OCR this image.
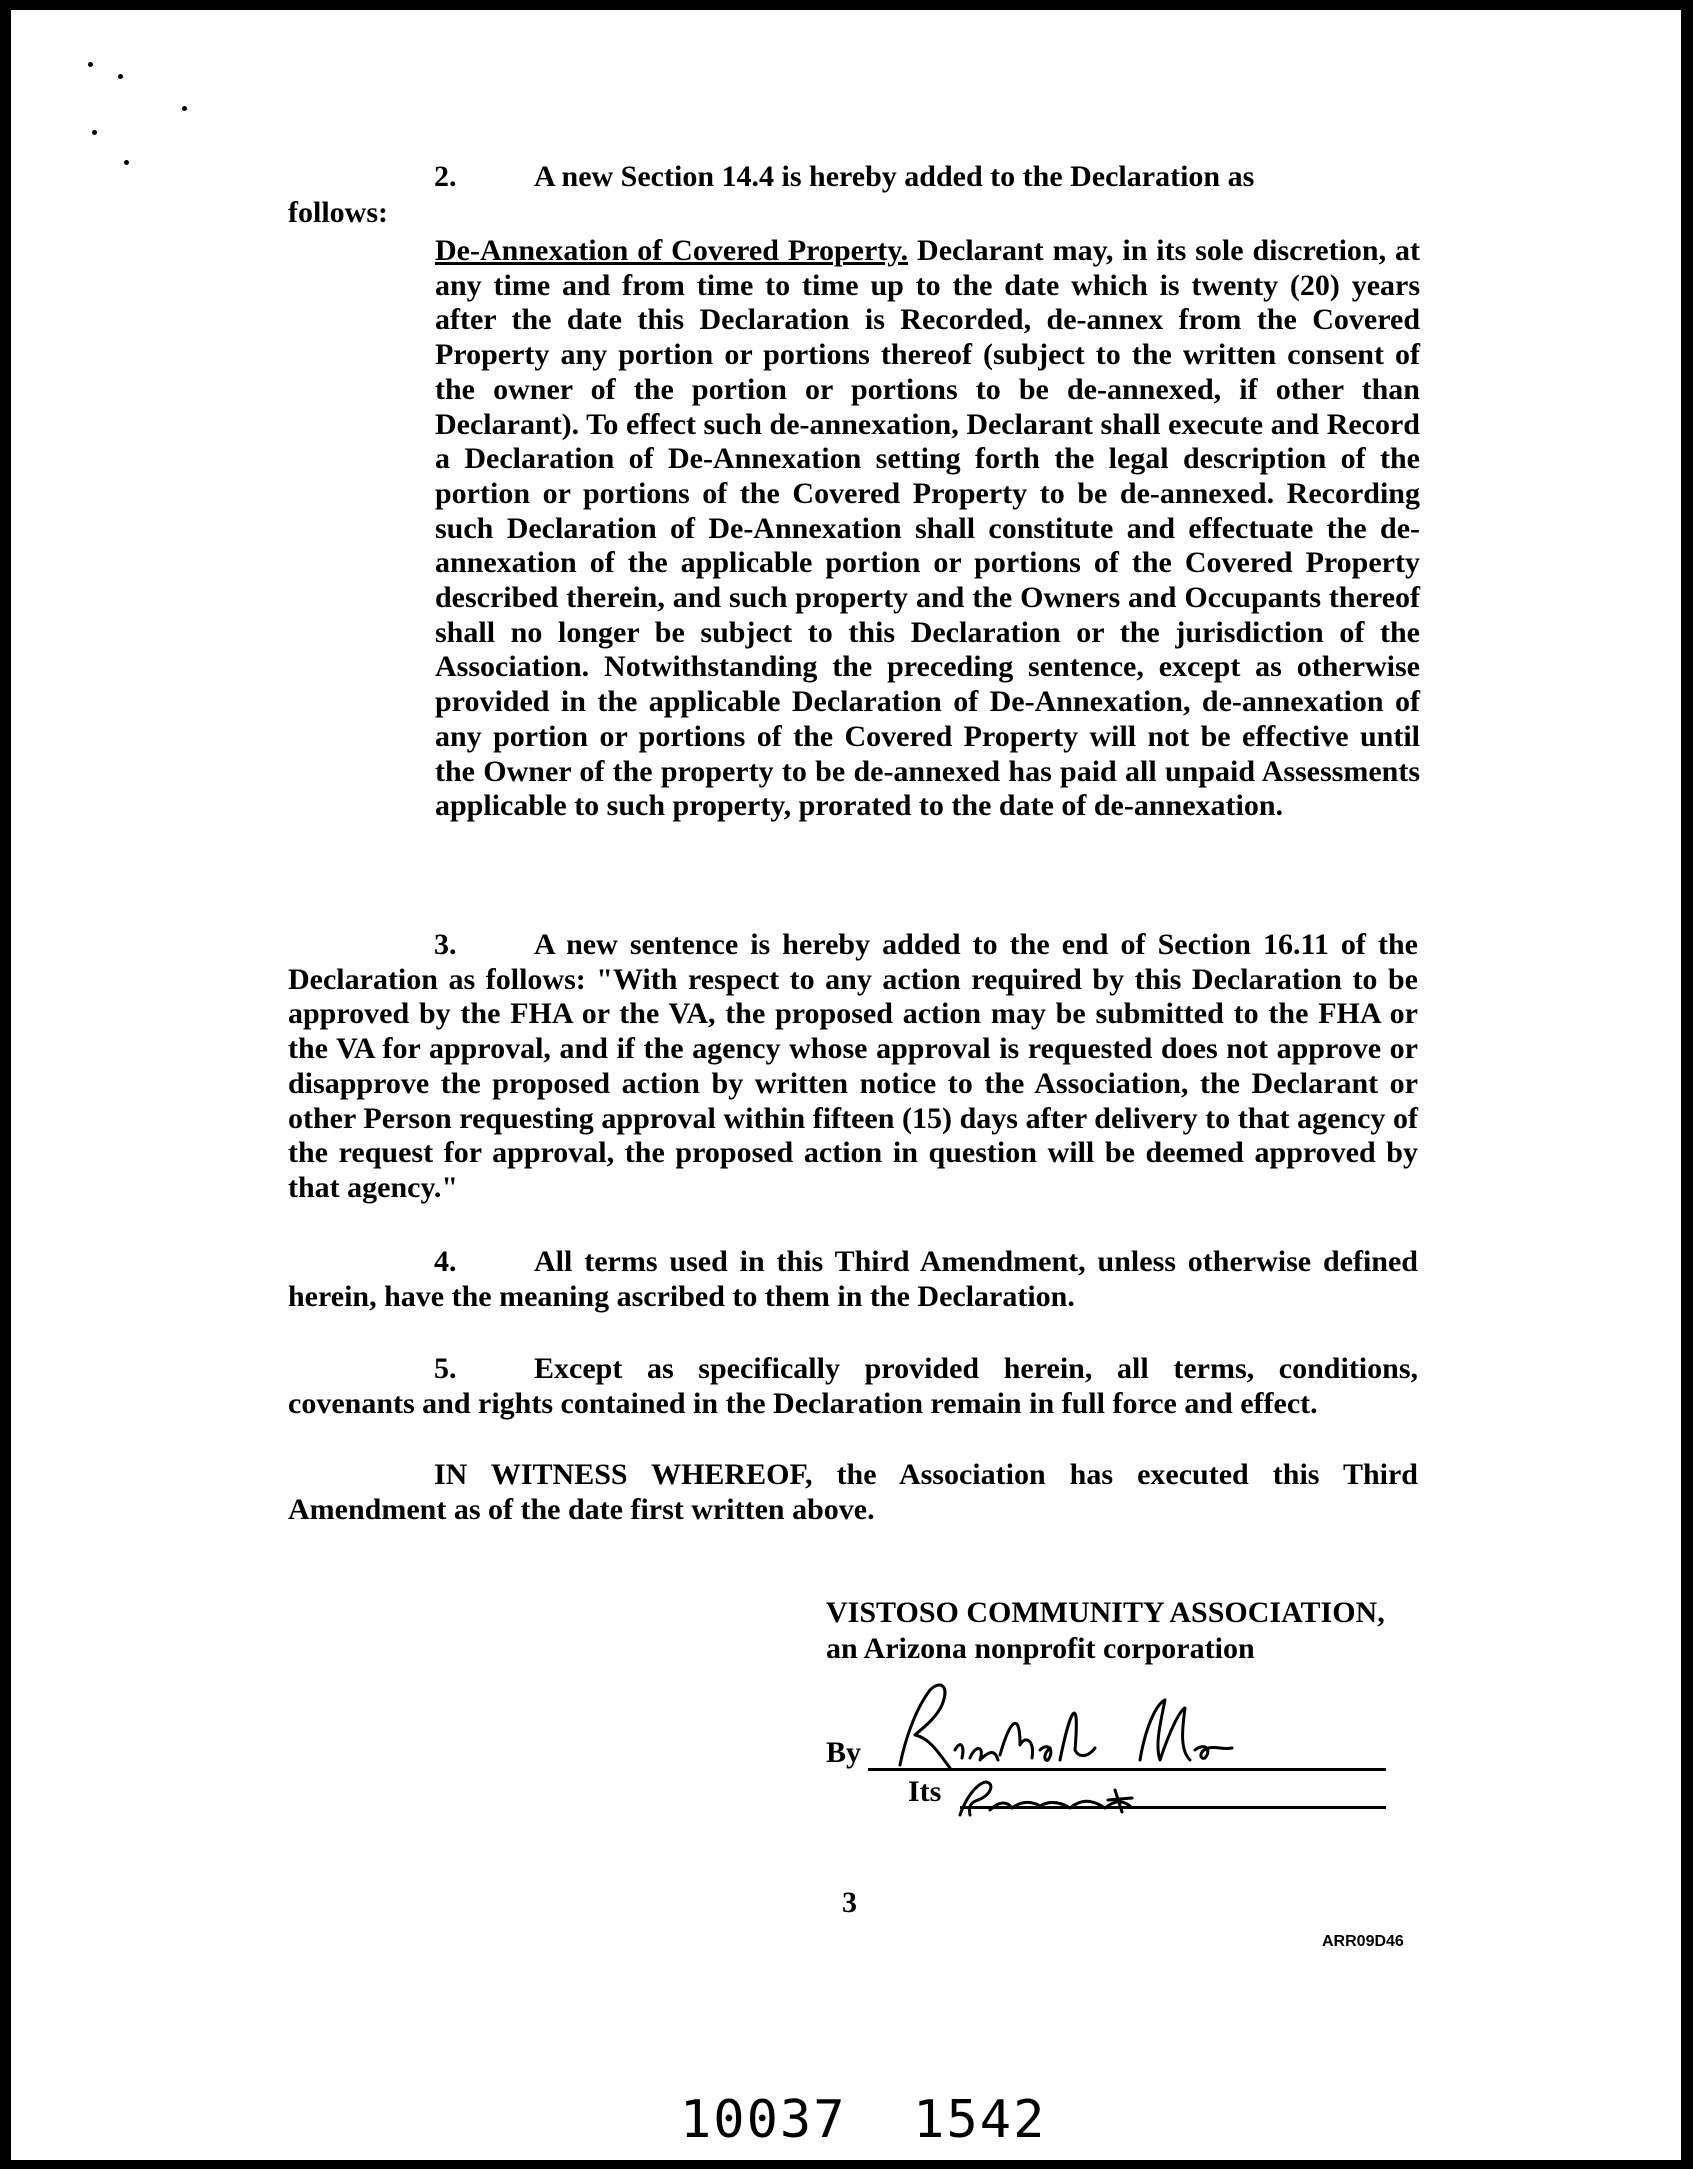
2.	A new Section 14.4 is hereby added to the Declaration as

follows:

De-Annexation of Covered Property. Declarant may, in its sole discretion, at any time and from time to time up to the date which is twenty (20) years after the date this Declaration is Recorded, de-annex from the Covered Property any portion or portions thereof (subject to the written consent of the owner of the portion or portions to be de-annexed, if other than Declarant). To effect such de-annexation, Declarant shall execute and Record a Declaration of De-Annexation setting forth the legal description of the portion or portions of the Covered Property to be de-annexed. Recording such Declaration of De-Annexation shall constitute and effectuate the de-annexation of the applicable portion or portions of the Covered Property described therein, and such property and the Owners and Occupants thereof shall no longer be subject to this Declaration or the jurisdiction of the Association. Notwithstanding the preceding sentence, except as otherwise provided in the applicable Declaration of De-Annexation, de-annexation of any portion or portions of the Covered Property will not be effective until the Owner of the property to be de-annexed has paid all unpaid Assessments applicable to such property, prorated to the date of de-annexation.

3.	A new sentence is hereby added to the end of Section 16.11 of the Declaration as follows: "With respect to any action required by this Declaration to be approved by the FHA or the VA, the proposed action may be submitted to the FHA or the VA for approval, and if the agency whose approval is requested does not approve or disapprove the proposed action by written notice to the Association, the Declarant or other Person requesting approval within fifteen (15) days after delivery to that agency of the request for approval, the proposed action in question will be deemed approved by that agency."

4.	All terms used in this Third Amendment, unless otherwise defined herein, have the meaning ascribed to them in the Declaration.

5.	Except as specifically provided herein, all terms, conditions, covenants and rights contained in the Declaration remain in full force and effect.

IN WITNESS WHEREOF, the Association has executed this Third Amendment as of the date first written above.

VISTOSO COMMUNITY ASSOCIATION,
an Arizona nonprofit corporation
By
Its
3
ARR09D46
10037  1542
